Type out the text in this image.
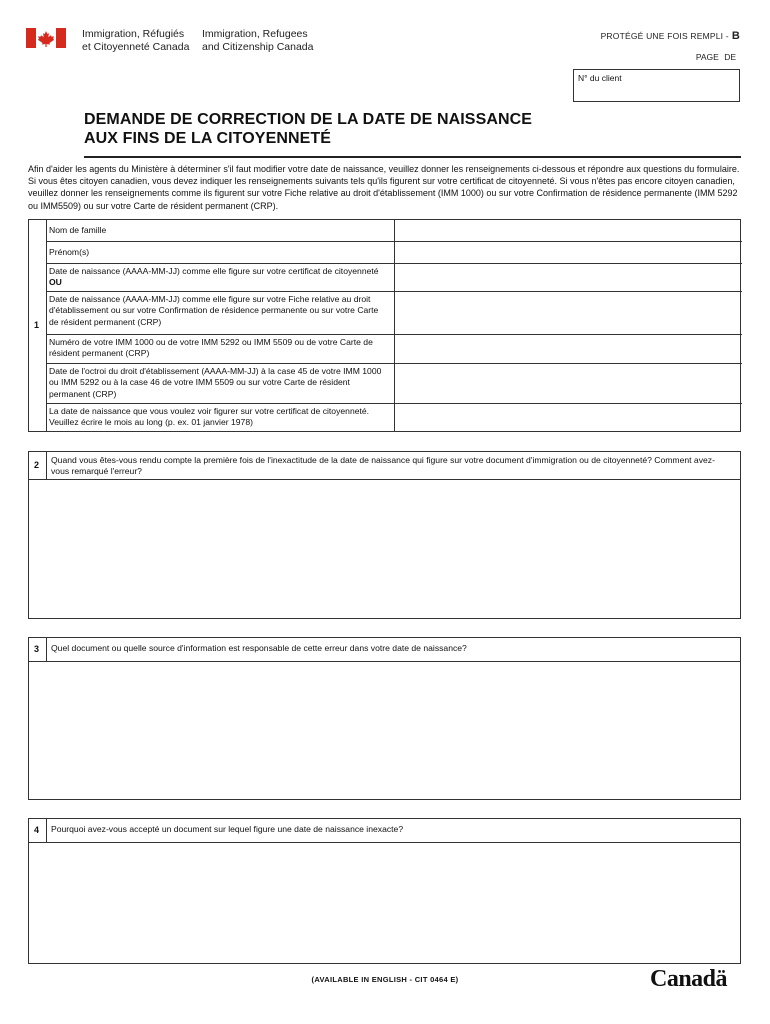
Immigration, Réfugiés
et Citoyenneté Canada
Immigration, Refugees
and Citizenship Canada
PROTÉGÉ UNE FOIS REMPLI - B
PAGE DE
N° du client
DEMANDE DE CORRECTION DE LA DATE DE NAISSANCE
AUX FINS DE LA CITOYENNETÉ
Afin d'aider les agents du Ministère à déterminer s'il faut modifier votre date de naissance, veuillez donner les renseignements ci-dessous et répondre aux questions du formulaire. Si vous êtes citoyen canadien, vous devez indiquer les renseignements suivants tels qu'ils figurent sur votre certificat de citoyenneté. Si vous n'êtes pas encore citoyen canadien, veuillez donner les renseignements comme ils figurent sur votre Fiche relative au droit d'établissement (IMM 1000) ou sur votre Confirmation de résidence permanente (IMM 5292 ou IMM5509) ou sur votre Carte de résident permanent (CRP).
1
Nom de famille
Prénom(s)
Date de naissance (AAAA-MM-JJ) comme elle figure sur votre certificat de citoyenneté OU
Date de naissance (AAAA-MM-JJ) comme elle figure sur votre Fiche relative au droit d'établissement ou sur votre Confirmation de résidence permanente ou sur votre Carte de résident permanent (CRP)
Numéro de votre IMM 1000 ou de votre IMM 5292 ou IMM 5509 ou de votre Carte de résident permanent (CRP)
Date de l'octroi du droit d'établissement (AAAA-MM-JJ) à la case 45 de votre IMM 1000 ou IMM 5292 ou à la case 46 de votre IMM 5509 ou sur votre Carte de résident permanent (CRP)
La date de naissance que vous voulez voir figurer sur votre certificat de citoyenneté. Veuillez écrire le mois au long (p. ex. 01 janvier 1978)
2 Quand vous êtes-vous rendu compte la première fois de l'inexactitude de la date de naissance qui figure sur votre document d'immigration ou de citoyenneté? Comment avez-vous remarqué l'erreur?
3 Quel document ou quelle source d'information est responsable de cette erreur dans votre date de naissance?
4 Pourquoi avez-vous accepté un document sur lequel figure une date de naissance inexacte?
(AVAILABLE IN ENGLISH - CIT 0464 E)	Canadä
